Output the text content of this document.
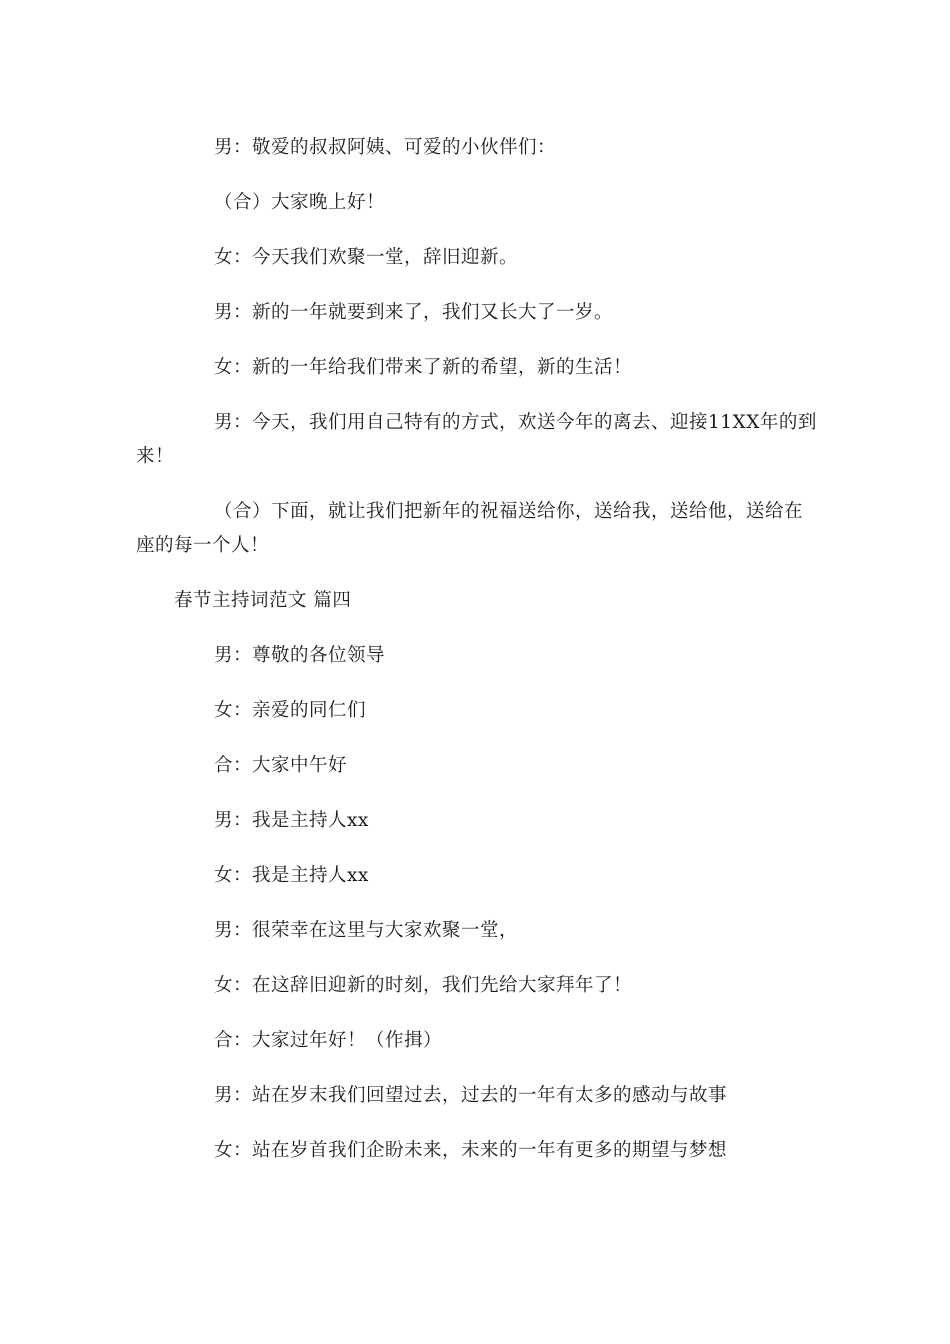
男：敬爱的叔叔阿姨、可爱的小伙伴们：

（合）大家晚上好！

女：今天我们欢聚一堂，辞旧迎新。

男：新的一年就要到来了，我们又长大了一岁。

女：新的一年给我们带来了新的希望，新的生活！

男：今天，我们用自己特有的方式，欢送今年的离去、迎接11XX年的到来！

（合）下面，就让我们把新年的祝福送给你，送给我，送给他，送给在座的每一个人！

春节主持词范文 篇四

男：尊敬的各位领导

女：亲爱的同仁们

合：大家中午好

男：我是主持人xx

女：我是主持人xx

男：很荣幸在这里与大家欢聚一堂，

女：在这辞旧迎新的时刻，我们先给大家拜年了！

合：大家过年好！（作揖）

男：站在岁末我们回望过去，过去的一年有太多的感动与故事

女：站在岁首我们企盼未来，未来的一年有更多的期望与梦想
